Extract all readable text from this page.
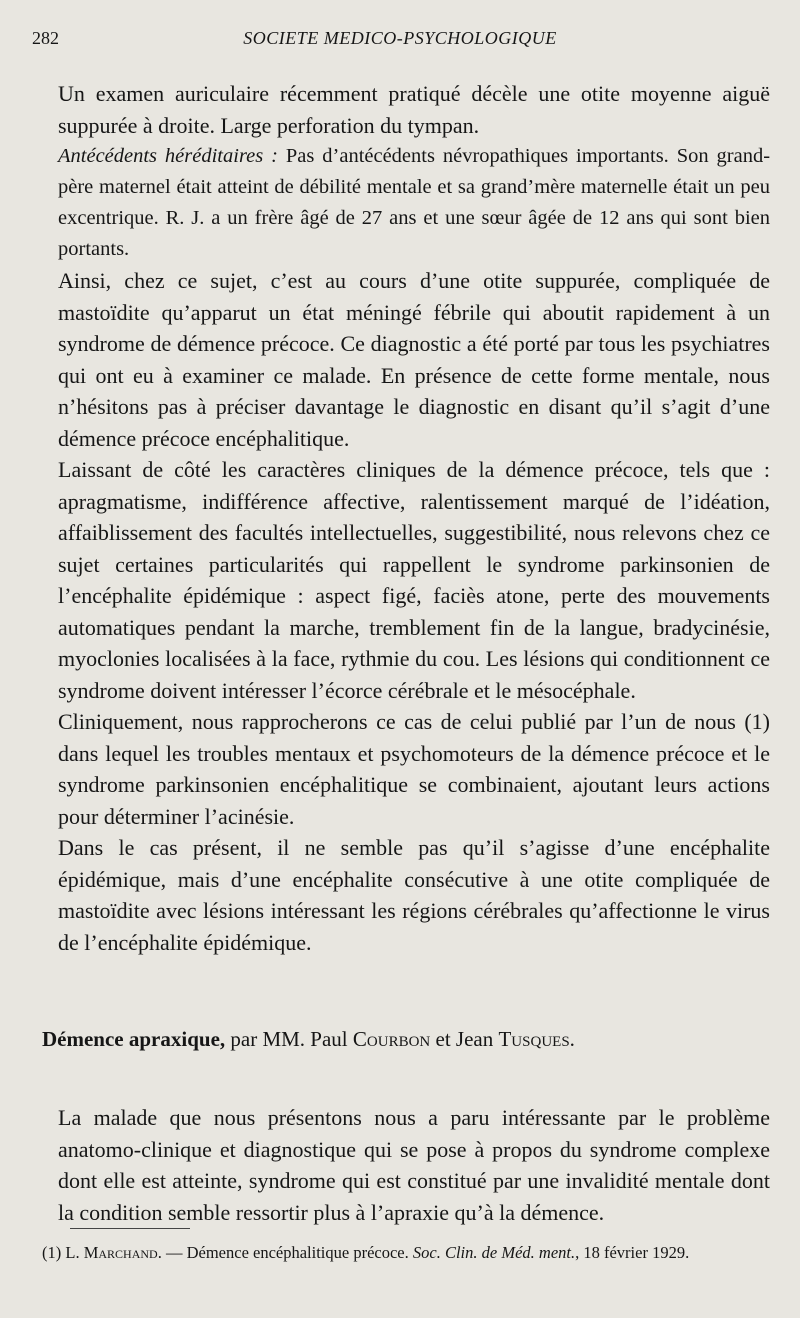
282	SOCIETE MEDICO-PSYCHOLOGIQUE

Un examen auriculaire récemment pratiqué décèle une otite moyenne aiguë suppurée à droite. Large perforation du tympan.

Antécédents héréditaires : Pas d’antécédents névropathiques importants. Son grand-père maternel était atteint de débilité mentale et sa grand’mère maternelle était un peu excentrique. R. J. a un frère âgé de 27 ans et une sœur âgée de 12 ans qui sont bien portants.

Ainsi, chez ce sujet, c’est au cours d’une otite suppurée, compliquée de mastoïdite qu’apparut un état méningé fébrile qui aboutit rapidement à un syndrome de démence précoce. Ce diagnostic a été porté par tous les psychiatres qui ont eu à examiner ce malade. En présence de cette forme mentale, nous n’hésitons pas à préciser davantage le diagnostic en disant qu’il s’agit d’une démence précoce encéphalitique.

Laissant de côté les caractères cliniques de la démence précoce, tels que : apragmatisme, indifférence affective, ralentissement marqué de l’idéation, affaiblissement des facultés intellectuelles, suggestibilité, nous relevons chez ce sujet certaines particularités qui rappellent le syndrome parkinsonien de l’encéphalite épidémique : aspect figé, faciès atone, perte des mouvements automatiques pendant la marche, tremblement fin de la langue, bradycinésie, myoclonies localisées à la face, rythmie du cou. Les lésions qui conditionnent ce syndrome doivent intéresser l’écorce cérébrale et le mésocéphale.

Cliniquement, nous rapprocherons ce cas de celui publié par l’un de nous (1) dans lequel les troubles mentaux et psychomoteurs de la démence précoce et le syndrome parkinsonien encéphalitique se combinaient, ajoutant leurs actions pour déterminer l’acinésie.

Dans le cas présent, il ne semble pas qu’il s’agisse d’une encéphalite épidémique, mais d’une encéphalite consécutive à une otite compliquée de mastoïdite avec lésions intéressant les régions cérébrales qu’affectionne le virus de l’encéphalite épidémique.

Démence apraxique, par MM. Paul Courbon et Jean Tusques.

La malade que nous présentons nous a paru intéressante par le problème anatomo-clinique et diagnostique qui se pose à propos du syndrome complexe dont elle est atteinte, syndrome qui est constitué par une invalidité mentale dont la condition semble ressortir plus à l’apraxie qu’à la démence.

(1) L. Marchand. — Démence encéphalitique précoce. Soc. Clin. de Méd. ment., 18 février 1929.
